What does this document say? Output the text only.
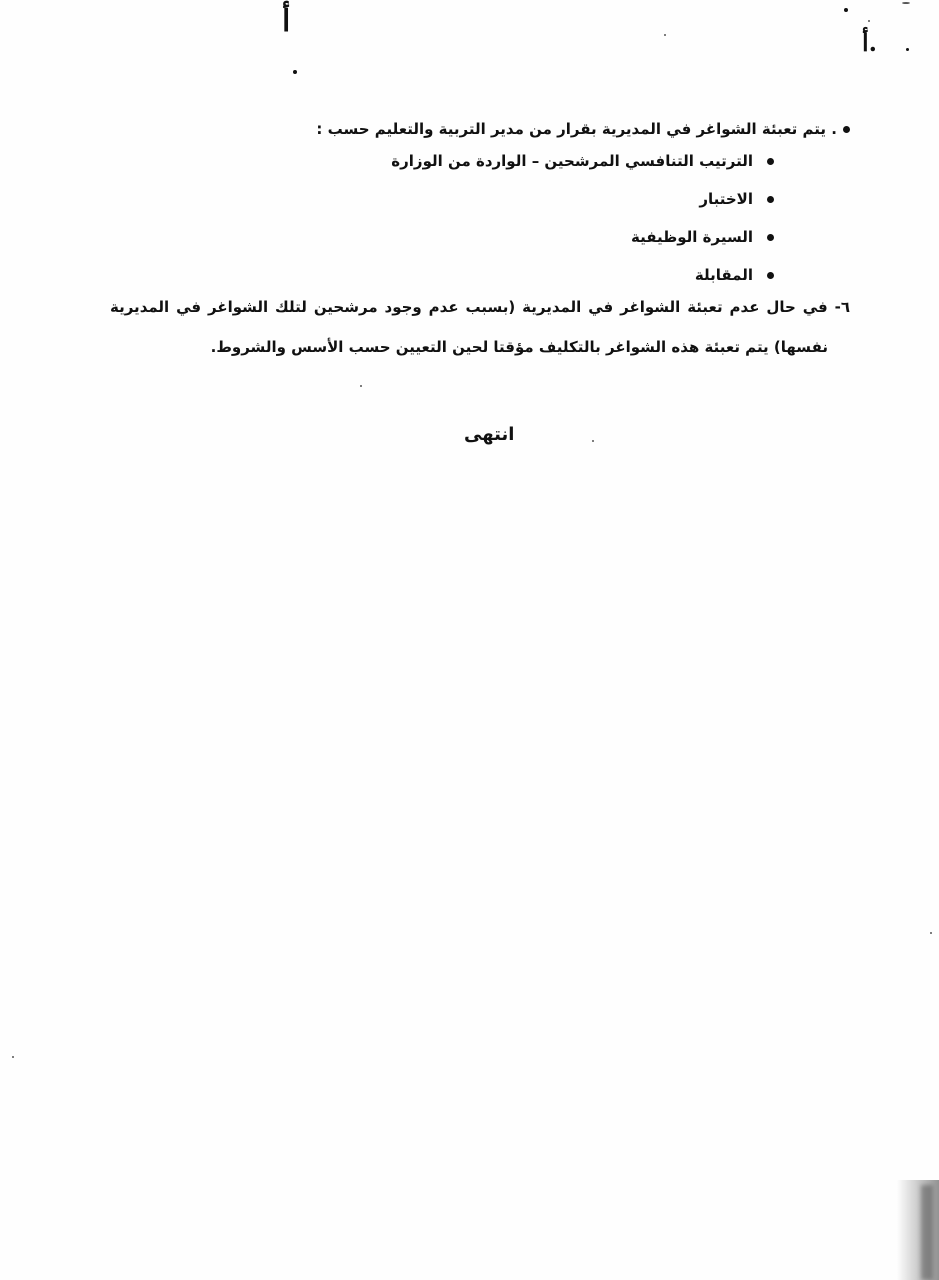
أ
أ.
. يتم تعبئة الشواغر في المديرية بقرار من مدير التربية والتعليم حسب :
الترتيب التنافسي المرشحين – الواردة من الوزارة
الاختبار
السيرة الوظيفية
المقابلة
٦- في حال عدم تعبئة الشواغر في المديرية (بسبب عدم وجود مرشحين لتلك الشواغر في المديرية
نفسها) يتم تعبئة هذه الشواغر بالتكليف مؤقتا لحين التعيين حسب الأسس والشروط.
انتهى
